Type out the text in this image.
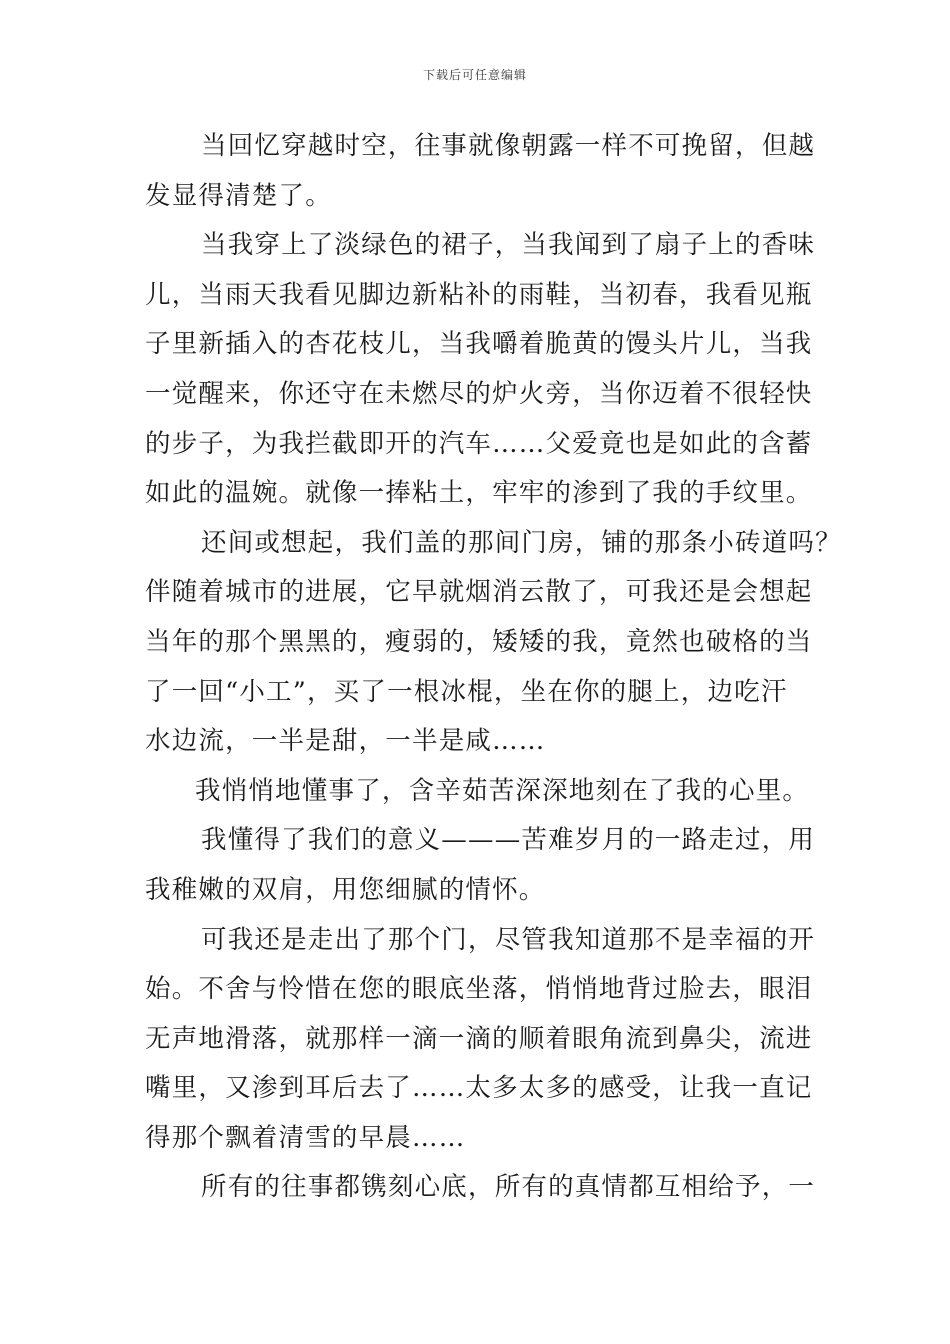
下载后可任意编辑
当回忆穿越时空，往事就像朝露一样不可挽留，但越
发显得清楚了。
当我穿上了淡绿色的裙子，当我闻到了扇子上的香味
儿，当雨天我看见脚边新粘补的雨鞋，当初春，我看见瓶
子里新插入的杏花枝儿，当我嚼着脆黄的馒头片儿，当我
一觉醒来，你还守在未燃尽的炉火旁，当你迈着不很轻快
的步子，为我拦截即开的汽车……父爱竟也是如此的含蓄
如此的温婉。就像一捧粘土，牢牢的渗到了我的手纹里。
还间或想起，我们盖的那间门房，铺的那条小砖道吗？
伴随着城市的进展，它早就烟消云散了，可我还是会想起
当年的那个黑黑的，瘦弱的，矮矮的我，竟然也破格的当
了一回“小工”，买了一根冰棍，坐在你的腿上，边吃汗
水边流，一半是甜，一半是咸……
我悄悄地懂事了，含辛茹苦深深地刻在了我的心里。
我懂得了我们的意义———苦难岁月的一路走过，用
我稚嫩的双肩，用您细腻的情怀。
可我还是走出了那个门，尽管我知道那不是幸福的开
始。不舍与怜惜在您的眼底坐落，悄悄地背过脸去，眼泪
无声地滑落，就那样一滴一滴的顺着眼角流到鼻尖，流进
嘴里，又渗到耳后去了……太多太多的感受，让我一直记
得那个飘着清雪的早晨……
所有的往事都镌刻心底，所有的真情都互相给予，一
